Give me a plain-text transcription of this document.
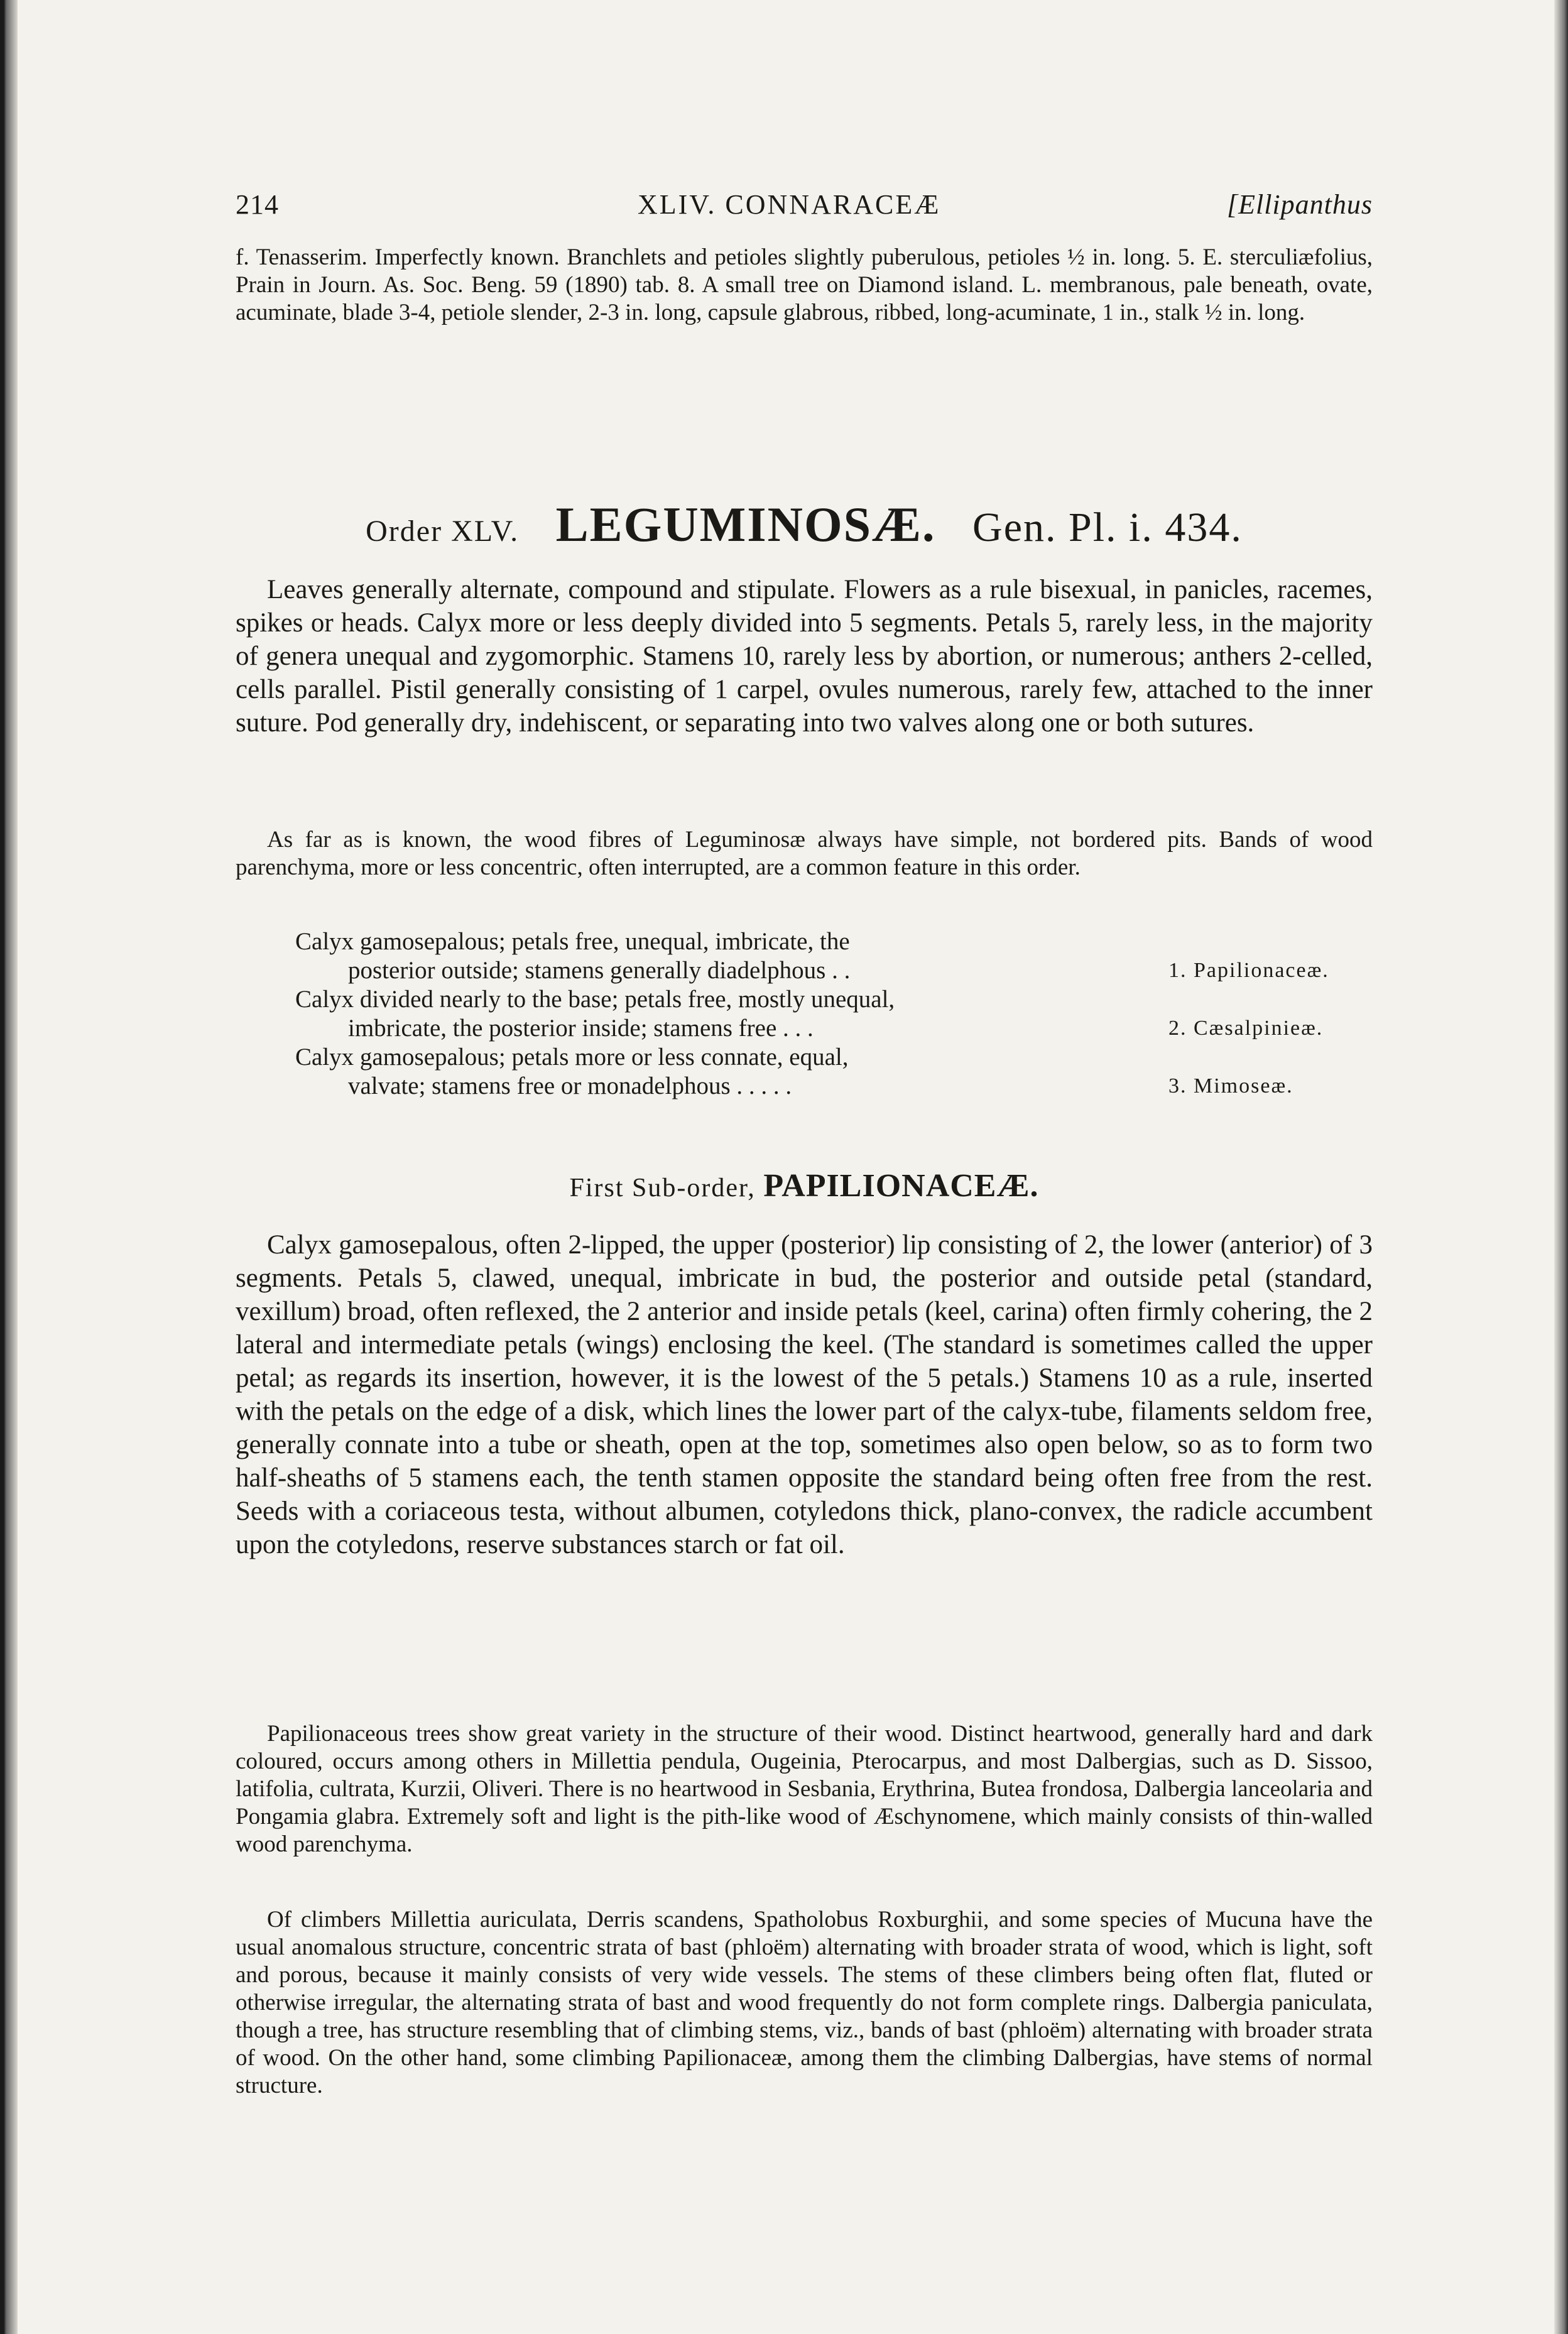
214	XLIV. CONNARACEÆ	[Ellipanthus

f. Tenasserim. Imperfectly known. Branchlets and petioles slightly puberulous, petioles ½ in. long. 5. E. sterculiæfolius, Prain in Journ. As. Soc. Beng. 59 (1890) tab. 8. A small tree on Diamond island. L. membranous, pale beneath, ovate, acuminate, blade 3-4, petiole slender, 2-3 in. long, capsule glabrous, ribbed, long-acuminate, 1 in., stalk ½ in. long.

Order XLV. LEGUMINOSÆ. Gen. Pl. i. 434.

Leaves generally alternate, compound and stipulate. Flowers as a rule bisexual, in panicles, racemes, spikes or heads. Calyx more or less deeply divided into 5 segments. Petals 5, rarely less, in the majority of genera unequal and zygomorphic. Stamens 10, rarely less by abortion, or numerous; anthers 2-celled, cells parallel. Pistil generally consisting of 1 carpel, ovules numerous, rarely few, attached to the inner suture. Pod generally dry, indehiscent, or separating into two valves along one or both sutures.

As far as is known, the wood fibres of Leguminosæ always have simple, not bordered pits. Bands of wood parenchyma, more or less concentric, often interrupted, are a common feature in this order.

Calyx gamosepalous; petals free, unequal, imbricate, the
posterior outside; stamens generally diadelphous . .	1. Papilionaceæ.
Calyx divided nearly to the base; petals free, mostly unequal,
imbricate, the posterior inside; stamens free . . .	2. Cæsalpinieæ.
Calyx gamosepalous; petals more or less connate, equal,
valvate; stamens free or monadelphous . . . . .	3. Mimoseæ.
First Sub-order, PAPILIONACEÆ.

Calyx gamosepalous, often 2-lipped, the upper (posterior) lip consisting of 2, the lower (anterior) of 3 segments. Petals 5, clawed, unequal, imbricate in bud, the posterior and outside petal (standard, vexillum) broad, often reflexed, the 2 anterior and inside petals (keel, carina) often firmly cohering, the 2 lateral and intermediate petals (wings) enclosing the keel. (The standard is sometimes called the upper petal; as regards its insertion, however, it is the lowest of the 5 petals.) Stamens 10 as a rule, inserted with the petals on the edge of a disk, which lines the lower part of the calyx-tube, filaments seldom free, generally connate into a tube or sheath, open at the top, sometimes also open below, so as to form two half-sheaths of 5 stamens each, the tenth stamen opposite the standard being often free from the rest. Seeds with a coriaceous testa, without albumen, cotyledons thick, plano-convex, the radicle accumbent upon the cotyledons, reserve substances starch or fat oil.

Papilionaceous trees show great variety in the structure of their wood. Distinct heartwood, generally hard and dark coloured, occurs among others in Millettia pendula, Ougeinia, Pterocarpus, and most Dalbergias, such as D. Sissoo, latifolia, cultrata, Kurzii, Oliveri. There is no heartwood in Sesbania, Erythrina, Butea frondosa, Dalbergia lanceolaria and Pongamia glabra. Extremely soft and light is the pith-like wood of Æschynomene, which mainly consists of thin-walled wood parenchyma.

Of climbers Millettia auriculata, Derris scandens, Spatholobus Roxburghii, and some species of Mucuna have the usual anomalous structure, concentric strata of bast (phloëm) alternating with broader strata of wood, which is light, soft and porous, because it mainly consists of very wide vessels. The stems of these climbers being often flat, fluted or otherwise irregular, the alternating strata of bast and wood frequently do not form complete rings. Dalbergia paniculata, though a tree, has structure resembling that of climbing stems, viz., bands of bast (phloëm) alternating with broader strata of wood. On the other hand, some climbing Papilionaceæ, among them the climbing Dalbergias, have stems of normal structure.
